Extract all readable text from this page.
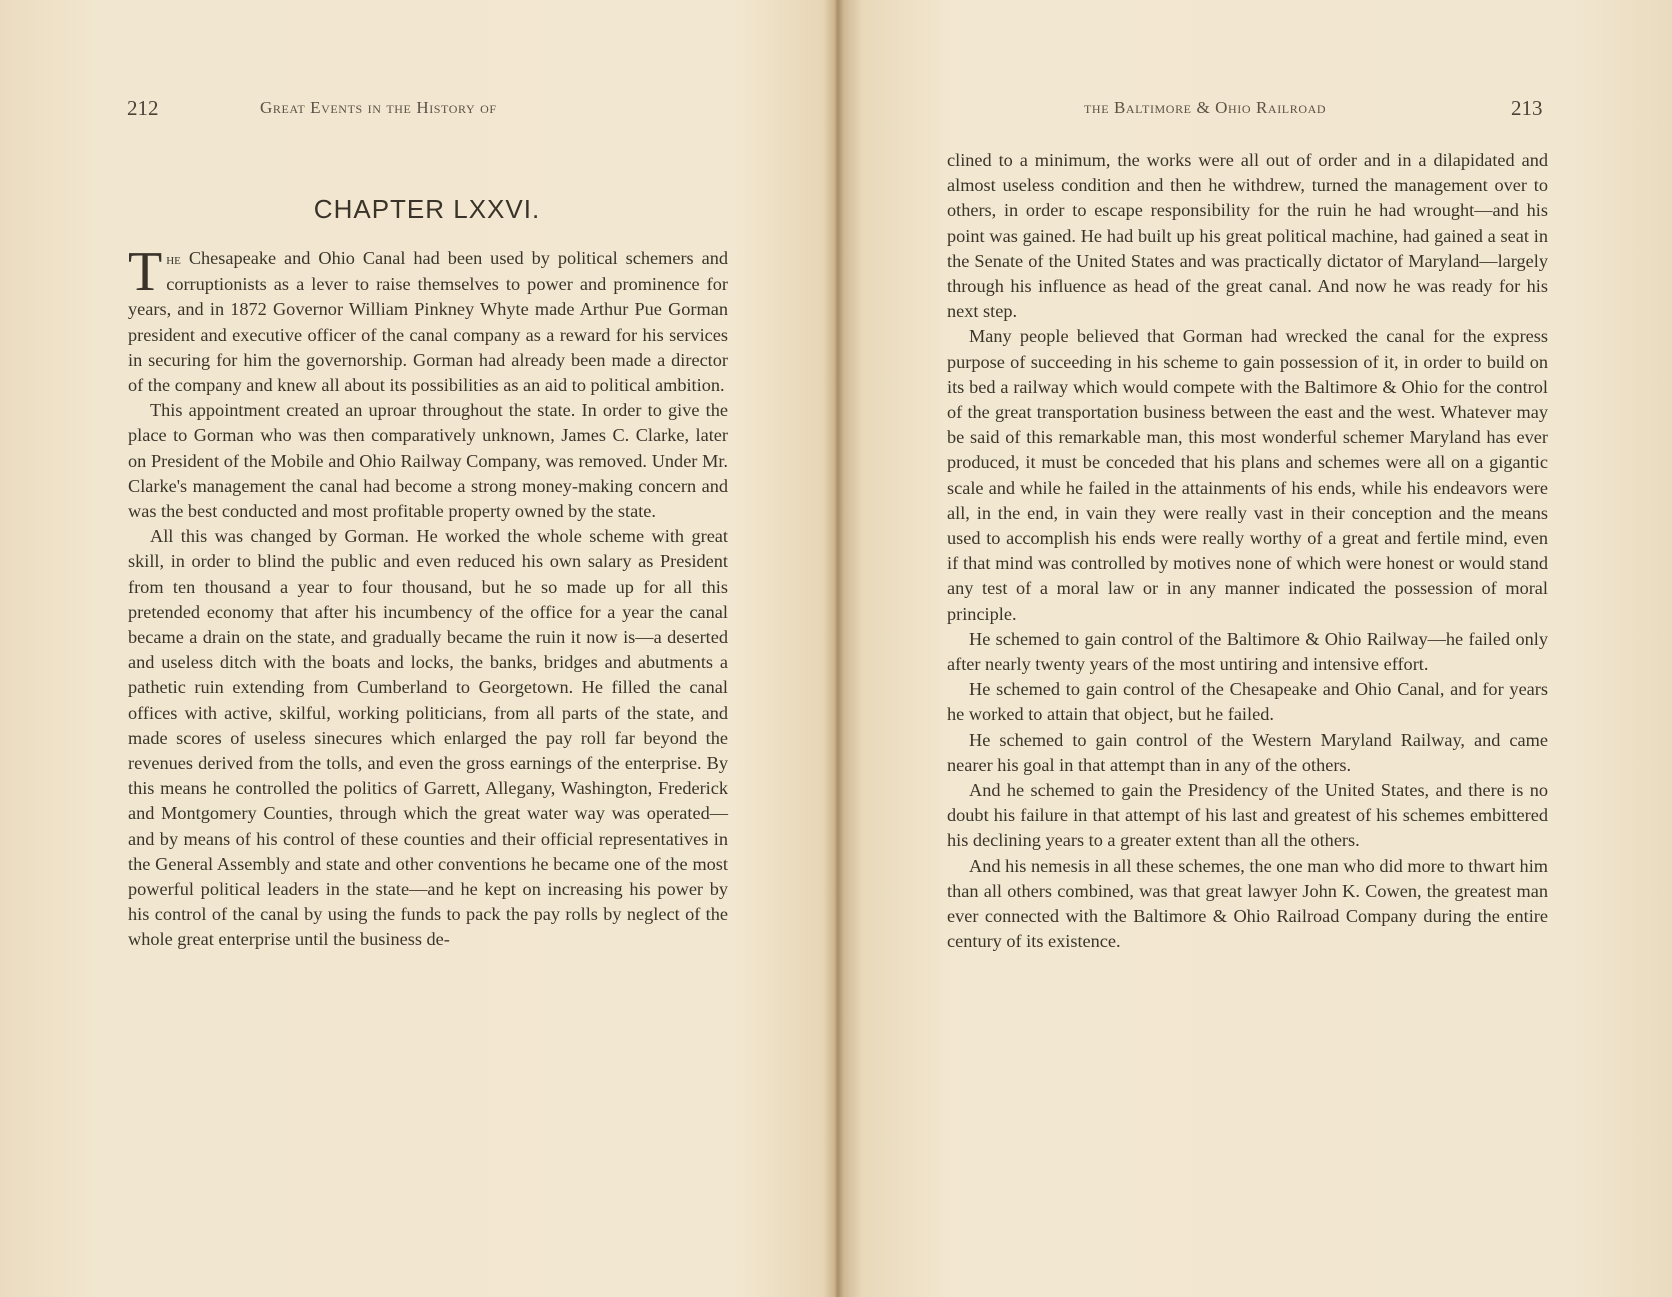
212	Great Events in the History of
CHAPTER LXXVI.

The Chesapeake and Ohio Canal had been used by political schemers and corruptionists as a lever to raise themselves to power and prominence for years, and in 1872 Governor William Pinkney Whyte made Arthur Pue Gorman president and executive officer of the canal company as a reward for his services in securing for him the governorship. Gorman had already been made a director of the company and knew all about its possibilities as an aid to political ambition.

This appointment created an uproar throughout the state. In order to give the place to Gorman who was then comparatively unknown, James C. Clarke, later on President of the Mobile and Ohio Railway Company, was removed. Under Mr. Clarke's management the canal had become a strong money-making concern and was the best conducted and most profitable property owned by the state.

All this was changed by Gorman. He worked the whole scheme with great skill, in order to blind the public and even reduced his own salary as President from ten thousand a year to four thousand, but he so made up for all this pretended economy that after his incumbency of the office for a year the canal became a drain on the state, and gradually became the ruin it now is—a deserted and useless ditch with the boats and locks, the banks, bridges and abutments a pathetic ruin extending from Cumberland to Georgetown. He filled the canal offices with active, skilful, working politicians, from all parts of the state, and made scores of useless sinecures which enlarged the pay roll far beyond the revenues derived from the tolls, and even the gross earnings of the enterprise. By this means he controlled the politics of Garrett, Allegany, Washington, Frederick and Montgomery Counties, through which the great water way was operated—and by means of his control of these counties and their official representatives in the General Assembly and state and other conventions he became one of the most powerful political leaders in the state—and he kept on increasing his power by his control of the canal by using the funds to pack the pay rolls by neglect of the whole great enterprise until the business de-

the Baltimore & Ohio Railroad	213

clined to a minimum, the works were all out of order and in a dilapidated and almost useless condition and then he withdrew, turned the management over to others, in order to escape responsibility for the ruin he had wrought—and his point was gained. He had built up his great political machine, had gained a seat in the Senate of the United States and was practically dictator of Maryland—largely through his influence as head of the great canal. And now he was ready for his next step.

Many people believed that Gorman had wrecked the canal for the express purpose of succeeding in his scheme to gain possession of it, in order to build on its bed a railway which would compete with the Baltimore & Ohio for the control of the great transportation business between the east and the west. Whatever may be said of this remarkable man, this most wonderful schemer Maryland has ever produced, it must be conceded that his plans and schemes were all on a gigantic scale and while he failed in the attainments of his ends, while his endeavors were all, in the end, in vain they were really vast in their conception and the means used to accomplish his ends were really worthy of a great and fertile mind, even if that mind was controlled by motives none of which were honest or would stand any test of a moral law or in any manner indicated the possession of moral principle.

He schemed to gain control of the Baltimore & Ohio Railway—he failed only after nearly twenty years of the most untiring and intensive effort.

He schemed to gain control of the Chesapeake and Ohio Canal, and for years he worked to attain that object, but he failed.

He schemed to gain control of the Western Maryland Railway, and came nearer his goal in that attempt than in any of the others.

And he schemed to gain the Presidency of the United States, and there is no doubt his failure in that attempt of his last and greatest of his schemes embittered his declining years to a greater extent than all the others.

And his nemesis in all these schemes, the one man who did more to thwart him than all others combined, was that great lawyer John K. Cowen, the greatest man ever connected with the Baltimore & Ohio Railroad Company during the entire century of its existence.
